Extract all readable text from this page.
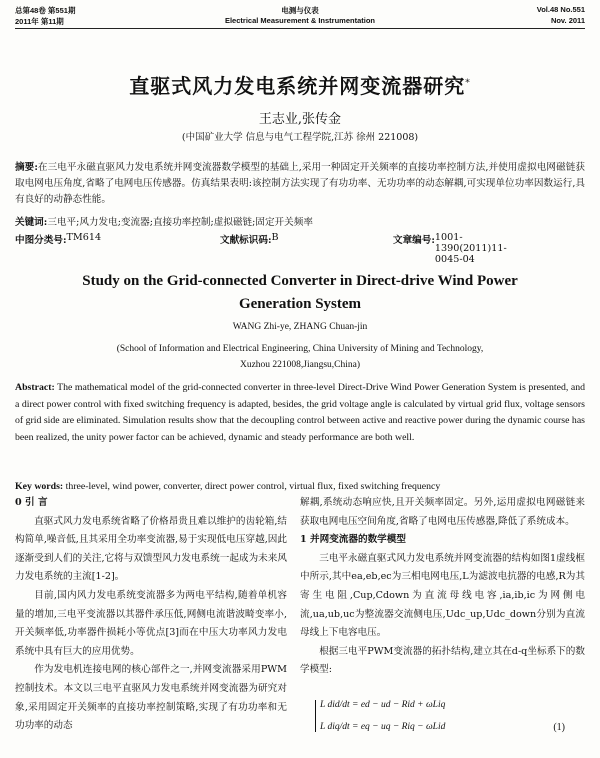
总第48卷 第551期	电测与仪表	Vol.48 No.551
2011年 第11期	Electrical Measurement & Instrumentation	Nov. 2011
直驱式风力发电系统并网变流器研究*
王志业,张传金
(中国矿业大学 信息与电气工程学院,江苏 徐州 221008)
摘要:在三电平永磁直驱风力发电系统并网变流器数学模型的基础上,采用一种固定开关频率的直接功率控制方法,并使用虚拟电网磁链获取电网电压角度,省略了电网电压传感器。仿真结果表明:该控制方法实现了有功功率、无功功率的动态解耦,可实现单位功率因数运行,具有良好的动静态性能。
关键词:三电平;风力发电;变流器;直接功率控制;虚拟磁链;固定开关频率
中图分类号: TM614	文献标识码: B	文章编号: 1001-1390(2011)11-0045-04
Study on the Grid-connected Converter in Direct-drive Wind Power
Generation System
WANG Zhi-ye, ZHANG Chuan-jin
(School of Information and Electrical Engineering, China University of Mining and Technology,
Xuzhou 221008,Jiangsu,China)
Abstract: The mathematical model of the grid-connected converter in three-level Direct-Drive Wind Power Generation System is presented, and a direct power control with fixed switching frequency is adapted, besides, the grid voltage angle is calculated by virtual grid flux, voltage sensors of grid side are eliminated. Simulation results show that the decoupling control between active and reactive power during the dynamic course has been realized, the unity power factor can be achieved, dynamic and steady performance are both well.
Key words: three-level, wind power, converter, direct power control, virtual flux, fixed switching frequency

0 引 言

直驱式风力发电系统省略了价格昂贵且难以维护的齿轮箱,结构简单,噪音低,且其采用全功率变流器,易于实现低电压穿越,因此逐渐受到人们的关注,它将与双馈型风力发电系统一起成为未来风力发电系统的主流[1-2]。

目前,国内风力发电系统变流器多为两电平结构,随着单机容量的增加,三电平变流器以其器件承压低,网侧电流谐波畸变率小,开关频率低,功率器件损耗小等优点[3]而在中压大功率风力发电系统中具有巨大的应用优势。

作为发电机连接电网的核心部件之一,并网变流器采用PWM控制技术。本文以三电平直驱风力发电系统并网变流器为研究对象,采用固定开关频率的直接功率控制策略,实现了有功功率和无功功率的动态

解耦,系统动态响应快,且开关频率固定。另外,运用虚拟电网磁链来获取电网电压空间角度,省略了电网电压传感器,降低了系统成本。

1 并网变流器的数学模型

三电平永磁直驱式风力发电系统并网变流器的结构如图1虚线框中所示,其中ea,eb,ec为三相电网电压,L为滤波电抗器的电感,R为其寄生电阻,Cup,Cdown为直流母线电容,ia,ib,ic为网侧电流,ua,ub,uc为整流器交流侧电压,Udc_up,Udc_down分别为直流母线上下电容电压。

根据三电平PWM变流器的拓扑结构,建立其在d-q坐标系下的数学模型:

L did/dt = ed − ud − Rid + ωLiq
L diq/dt = eq − uq − Riq − ωLid	(1)
